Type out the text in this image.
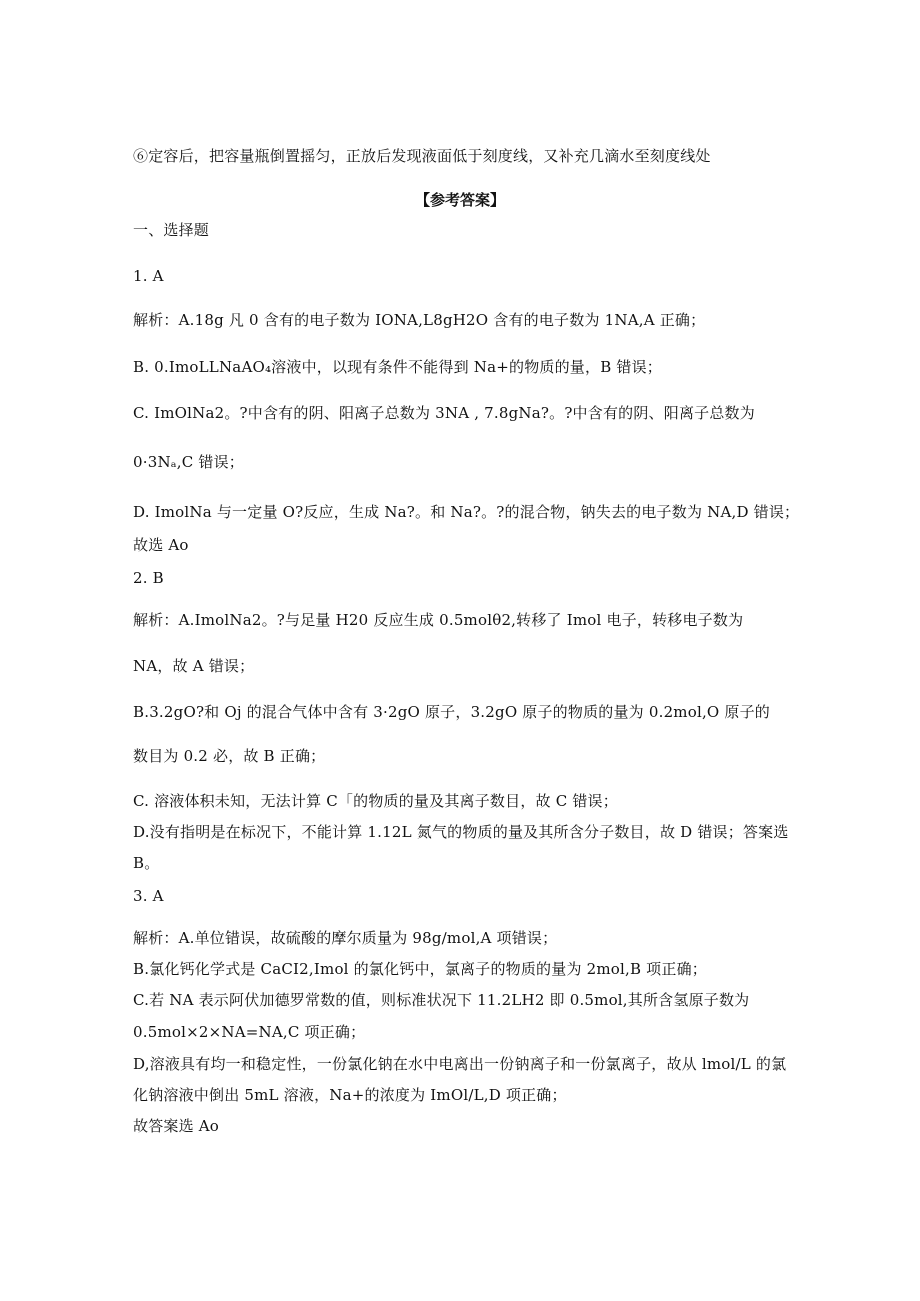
⑥定容后，把容量瓶倒置摇匀，正放后发现液面低于刻度线，又补充几滴水至刻度线处

【参考答案】

一、选择题

1. A

解析：A.18g 凡 0 含有的电子数为 IONA,L8gH2O 含有的电子数为 1NA,A 正确；

B. 0.ImoLLNaAO₄溶液中，以现有条件不能得到 Na+的物质的量，B 错误；

C. ImOlNa2。?中含有的阴、阳离子总数为 3NA , 7.8gNa?。?中含有的阴、阳离子总数为

0·3Nₐ,C 错误；

D. ImolNa 与一定量 O?反应，生成 Na?。和 Na?。?的混合物，钠失去的电子数为 NA,D 错误；

故选 Ao

2. B

解析：A.ImolNa2。?与足量 H20 反应生成 0.5molθ2,转移了 Imol 电子，转移电子数为

NA，故 A 错误；

B.3.2gO?和 Oj 的混合气体中含有 3·2gO 原子，3.2gO 原子的物质的量为 0.2mol,O 原子的

数目为 0.2 必，故 B 正确；

C. 溶液体积未知，无法计算 C「的物质的量及其离子数目，故 C 错误；

D.没有指明是在标况下，不能计算 1.12L 氮气的物质的量及其所含分子数目，故 D 错误；答案选

B。

3. A

解析：A.单位错误，故硫酸的摩尔质量为 98g∕mol,A 项错误；

B.氯化钙化学式是 CaCI2,Imol 的氯化钙中，氯离子的物质的量为 2mol,B 项正确；

C.若 NA 表示阿伏加德罗常数的值，则标准状况下 11.2LH2 即 0.5mol,其所含氢原子数为

0.5mol×2×NA=NA,C 项正确；

D,溶液具有均一和稳定性，一份氯化钠在水中电离出一份钠离子和一份氯离子，故从 lmol∕L 的氯

化钠溶液中倒出 5mL 溶液，Na+的浓度为 ImOl∕L,D 项正确；

故答案选 Ao
